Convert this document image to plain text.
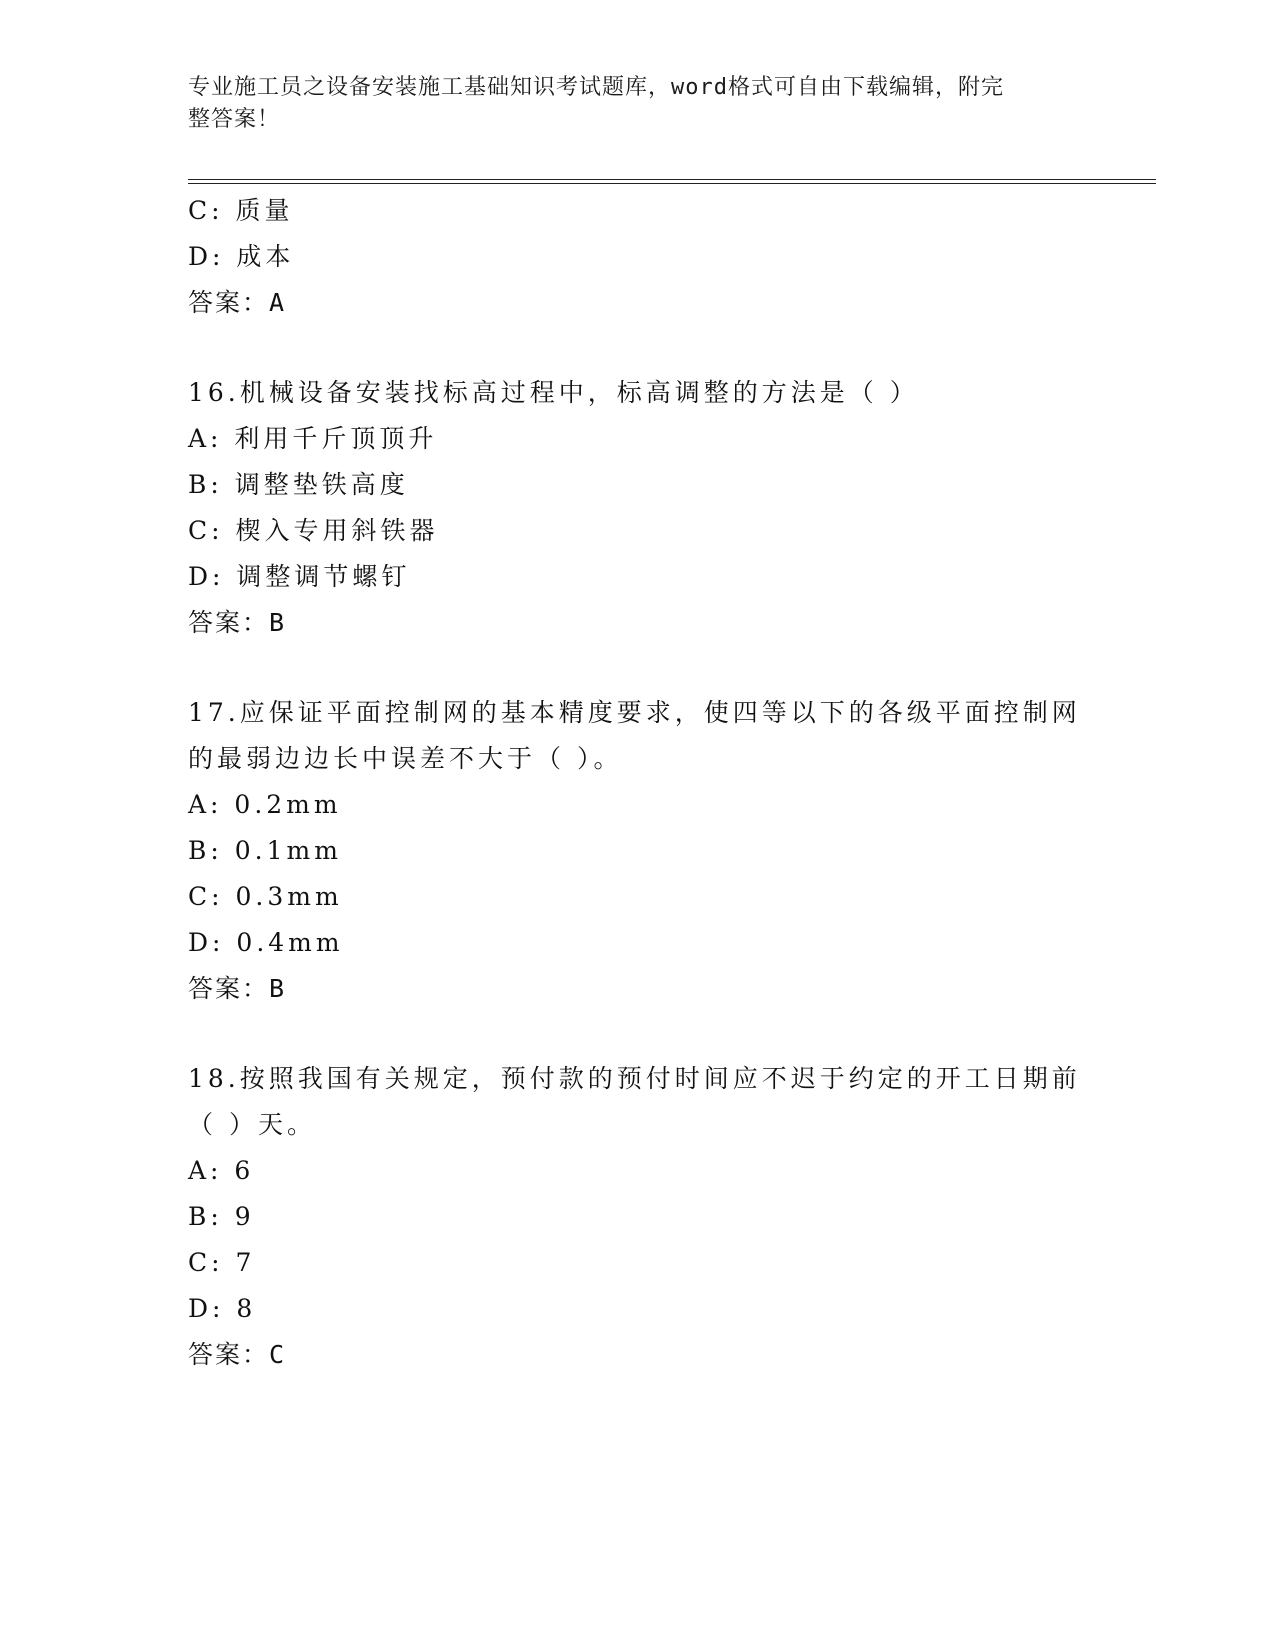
专业施工员之设备安装施工基础知识考试题库，word格式可自由下载编辑，附完
整答案！
C: 质量
D: 成本
答案：A
16.机械设备安装找标高过程中，标高调整的方法是（ ）
A: 利用千斤顶顶升
B: 调整垫铁高度
C: 楔入专用斜铁器
D: 调整调节螺钉
答案：B
17.应保证平面控制网的基本精度要求，使四等以下的各级平面控制网
的最弱边边长中误差不大于（ ）。
A: 0.2mm
B: 0.1mm
C: 0.3mm
D: 0.4mm
答案：B
18.按照我国有关规定，预付款的预付时间应不迟于约定的开工日期前
（ ）天。
A: 6
B: 9
C: 7
D: 8
答案：C
